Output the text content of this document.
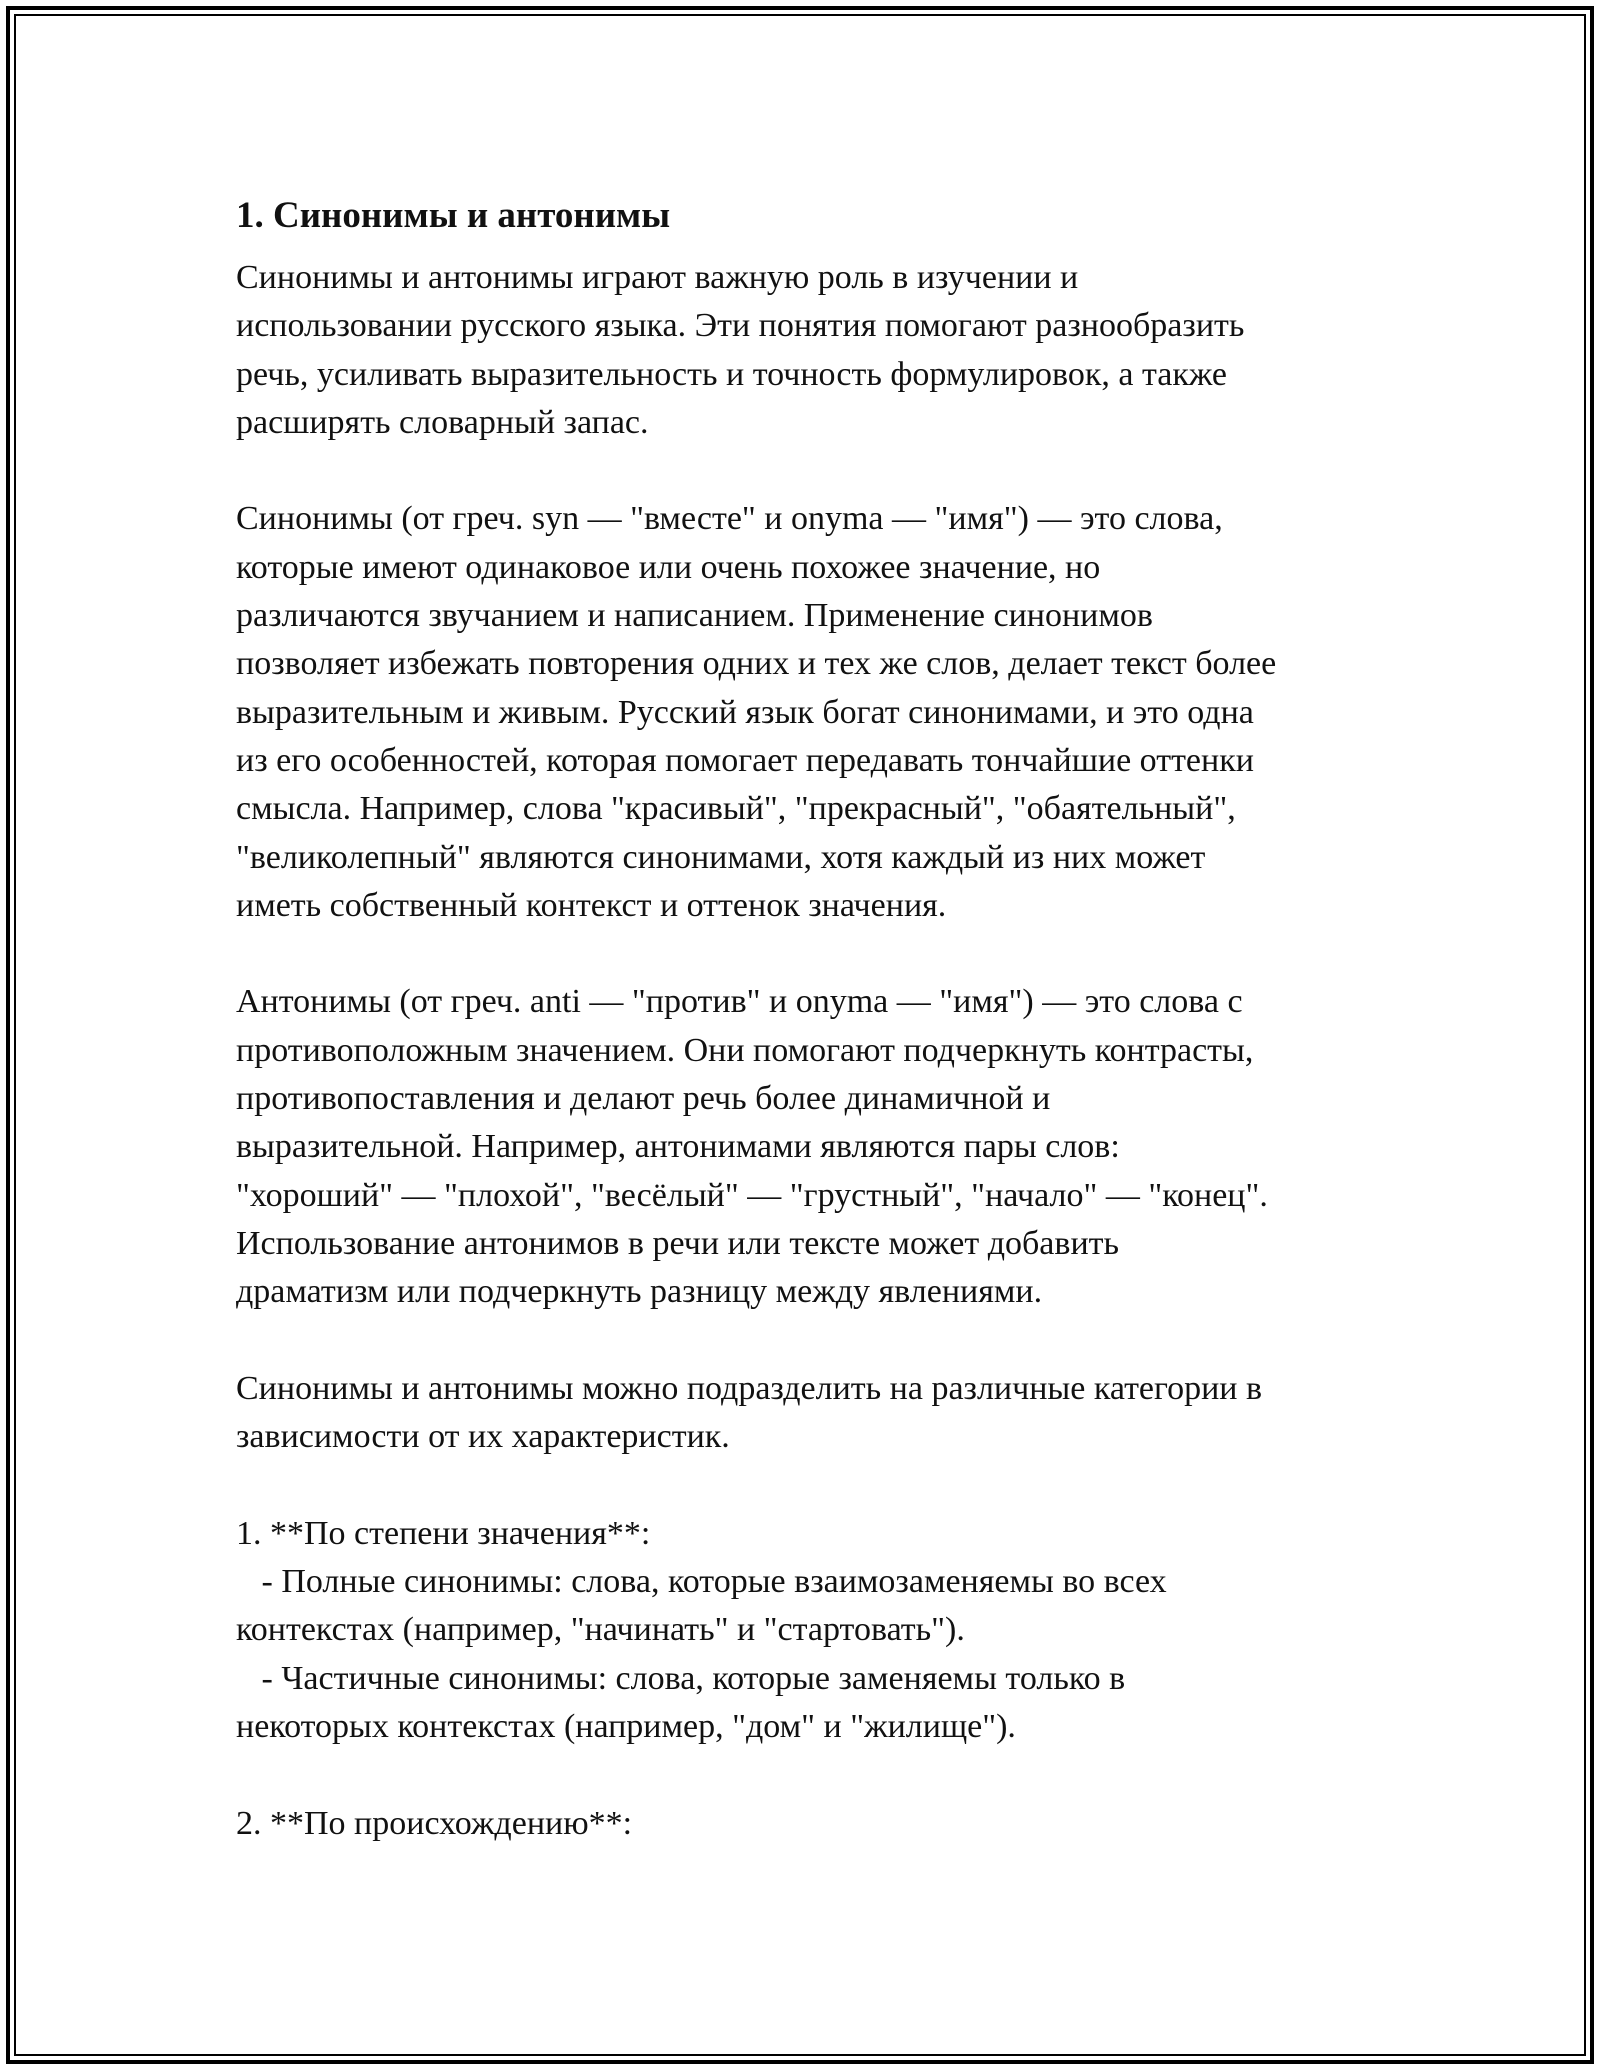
1. Синонимы и антонимы

Синонимы и антонимы играют важную роль в изучении и
использовании русского языка. Эти понятия помогают разнообразить
речь, усиливать выразительность и точность формулировок, а также
расширять словарный запас.

Синонимы (от греч. syn — "вместе" и onyma — "имя") — это слова,
которые имеют одинаковое или очень похожее значение, но
различаются звучанием и написанием. Применение синонимов
позволяет избежать повторения одних и тех же слов, делает текст более
выразительным и живым. Русский язык богат синонимами, и это одна
из его особенностей, которая помогает передавать тончайшие оттенки
смысла. Например, слова "красивый", "прекрасный", "обаятельный",
"великолепный" являются синонимами, хотя каждый из них может
иметь собственный контекст и оттенок значения.

Антонимы (от греч. anti — "против" и onyma — "имя") — это слова с
противоположным значением. Они помогают подчеркнуть контрасты,
противопоставления и делают речь более динамичной и
выразительной. Например, антонимами являются пары слов:
"хороший" — "плохой", "весёлый" — "грустный", "начало" — "конец".
Использование антонимов в речи или тексте может добавить
драматизм или подчеркнуть разницу между явлениями.

Синонимы и антонимы можно подразделить на различные категории в
зависимости от их характеристик.

1. **По степени значения**:
- Полные синонимы: слова, которые взаимозаменяемы во всех
контекстах (например, "начинать" и "стартовать").
- Частичные синонимы: слова, которые заменяемы только в
некоторых контекстах (например, "дом" и "жилище").

2. **По происхождению**:
